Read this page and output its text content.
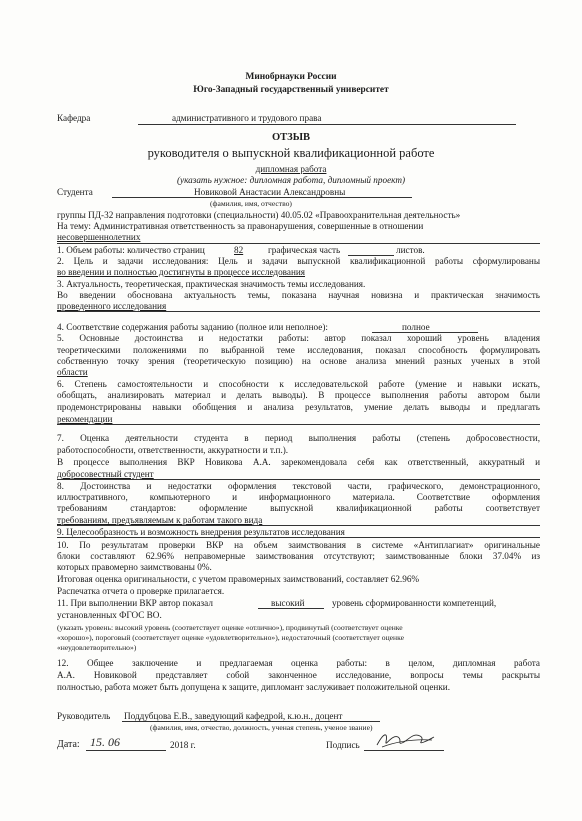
Минобрнауки России
Юго-Западный государственный университет
Кафедра	административного и трудового права
ОТЗЫВ
руководителя о выпускной квалификационной работе
дипломная работа
(указать нужное: дипломная работа, дипломный проект)
Студента	Новиковой Анастасии Александровны
(фамилия, имя, отчество)
группы ПД-32 направления подготовки (специальности) 40.05.02 «Правоохранительная деятельность»
На тему: Административная ответственность за правонарушения, совершенные в отношении
несовершеннолетних
1. Объем работы: количество страниц	82	графическая часть	листов.
2. Цель и задачи исследования: Цель и задачи выпускной квалификационной работы сформулированы
во введении и полностью достигнуты в процессе исследования
3. Актуальность, теоретическая, практическая значимость темы исследования.
Во введении обоснована актуальность темы, показана научная новизна и практическая значимость
проведенного исследования
4. Соответствие содержания работы заданию (полное или неполное):	полное
5. Основные достоинства и недостатки работы: автор показал хороший уровень владения
теоретическими положениями по выбранной теме исследования, показал способность формулировать
собственную точку зрения (теоретическую позицию) на основе анализа мнений разных ученых в этой
области
6. Степень самостоятельности и способности к исследовательской работе (умение и навыки искать,
обобщать, анализировать материал и делать выводы). В процессе выполнения работы автором были
продемонстрированы навыки обобщения и анализа результатов, умение делать выводы и предлагать
рекомендации
7. Оценка деятельности студента в период выполнения работы (степень добросовестности,
работоспособности, ответственности, аккуратности и т.п.).
В процессе выполнения ВКР Новикова А.А. зарекомендовала себя как ответственный, аккуратный и
добросовестный студент
8. Достоинства и недостатки оформления текстовой части, графического, демонстрационного,
иллюстративного, компьютерного и информационного материала. Соответствие оформления
требованиям стандартов: оформление выпускной квалификационной работы соответствует
требованиям, предъявляемым к работам такого вида
9. Целесообразность и возможность внедрения результатов исследования
10. По результатам проверки ВКР на объем заимствования в системе «Антиплагиат» оригинальные
блоки составляют 62.96% неправомерные заимствования отсутствуют; заимствованные блоки 37.04% из
которых правомерно заимствованы 0%.
Итоговая оценка оригинальности, с учетом правомерных заимствований, составляет 62.96%
Распечатка отчета о проверке прилагается.
11. При выполнении ВКР автор показал	высокий	уровень сформированности компетенций,
установленных ФГОС ВО.
(указать уровень: высокий уровень (соответствует оценке «отлично»), продвинутый (соответствует оценке
«хорошо»), пороговый (соответствует оценке «удовлетворительно»), недостаточный (соответствует оценке
«неудовлетворительно»)
12. Общее заключение и предлагаемая оценка работы: в целом, дипломная работа
А.А. Новиковой представляет собой законченное исследование, вопросы темы раскрыты
полностью, работа может быть допущена к защите, дипломант заслуживает положительной оценки.
Руководитель Поддубцова Е.В., заведующий кафедрой, к.ю.н., доцент
(фамилия, имя, отчество, должность, ученая степень, ученое звание)
Дата: 15. 06	2018 г.	Подпись
